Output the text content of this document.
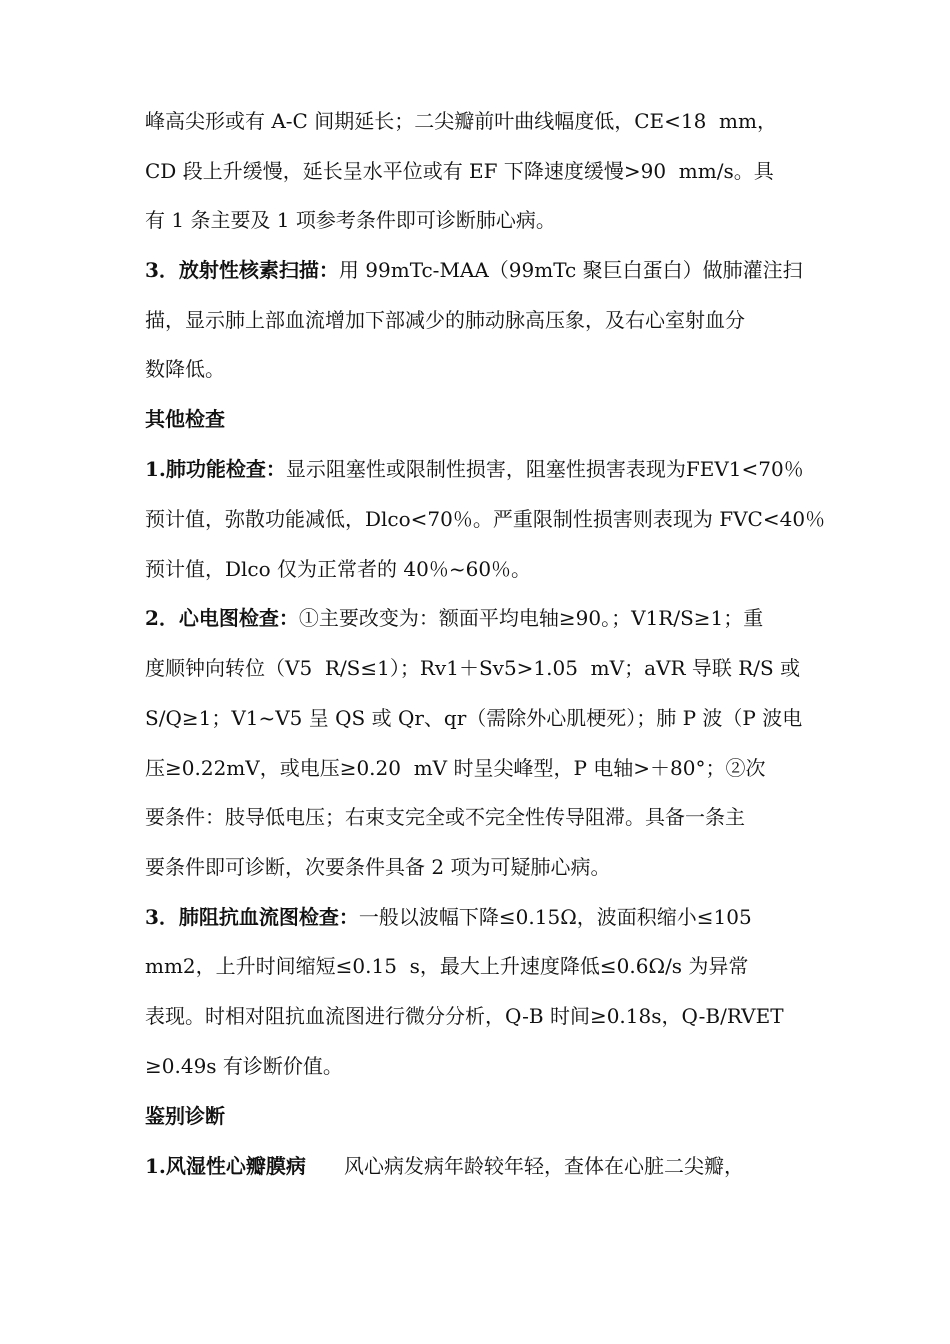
峰高尖形或有 A-C 间期延长；二尖瓣前叶曲线幅度低，CE<18  mm，
CD 段上升缓慢，延长呈水平位或有 EF 下降速度缓慢>90  mm/s。具
有 1 条主要及 1 项参考条件即可诊断肺心病。
3．放射性核素扫描：用 99mTc-MAA（99mTc 聚巨白蛋白）做肺灌注扫
描，显示肺上部血流增加下部减少的肺动脉高压象，及右心室射血分
数降低。
其他检查
1.肺功能检查：显示阻塞性或限制性损害，阻塞性损害表现为FEV1<70％
预计值，弥散功能减低，Dlco<70％。严重限制性损害则表现为 FVC<40％
预计值，Dlco 仅为正常者的 40％~60％。
2．心电图检查：①主要改变为：额面平均电轴≥90。；V1R/S≥1；重
度顺钟向转位（V5  R/S≤1）；Rv1＋Sv5>1.05  mV；aVR 导联 R/S 或
S/Q≥1；V1~V5 呈 QS 或 Qr、qr（需除外心肌梗死）；肺 P 波（P 波电
压≥0.22mV，或电压≥0.20  mV 时呈尖峰型，P 电轴>＋80°；②次
要条件：肢导低电压；右束支完全或不完全性传导阻滞。具备一条主
要条件即可诊断，次要条件具备 2 项为可疑肺心病。
3．肺阻抗血流图检查：一般以波幅下降≤0.15Ω，波面积缩小≤105
mm2，上升时间缩短≤0.15  s，最大上升速度降低≤0.6Ω/s 为异常
表现。时相对阻抗血流图进行微分分析，Q-B 时间≥0.18s，Q-B/RVET
≥0.49s 有诊断价值。
鉴别诊断
1.风湿性心瓣膜病      风心病发病年龄较年轻，查体在心脏二尖瓣，
